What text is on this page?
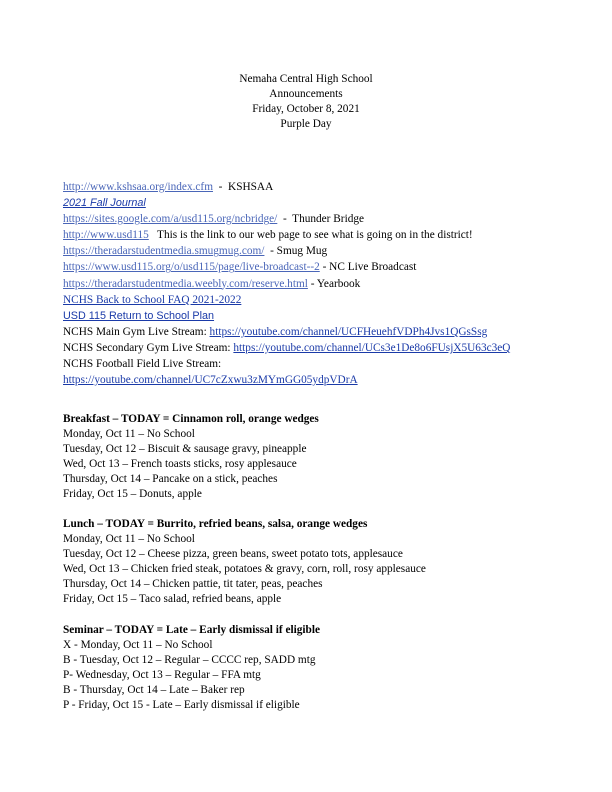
Nemaha Central High School
Announcements
Friday, October 8, 2021
Purple Day
http://www.kshsaa.org/index.cfm  -  KSHSAA
2021 Fall Journal
https://sites.google.com/a/usd115.org/ncbridge/  -  Thunder Bridge
http://www.usd115   This is the link to our web page to see what is going on in the district!
https://theradarstudentmedia.smugmug.com/  - Smug Mug
https://www.usd115.org/o/usd115/page/live-broadcast--2 - NC Live Broadcast
https://theradarstudentmedia.weebly.com/reserve.html - Yearbook
NCHS Back to School FAQ 2021-2022
USD 115 Return to School Plan
NCHS Main Gym Live Stream: https://youtube.com/channel/UCFHeuehfVDPh4Jvs1QGsSsg
NCHS Secondary Gym Live Stream: https://youtube.com/channel/UCs3e1De8o6FUsjX5U63c3eQ
NCHS Football Field Live Stream:
https://youtube.com/channel/UC7cZxwu3zMYmGG05ydpVDrA
Breakfast – TODAY = Cinnamon roll, orange wedges
Monday, Oct 11 – No School
Tuesday, Oct 12 – Biscuit & sausage gravy, pineapple
Wed, Oct 13 – French toasts sticks, rosy applesauce
Thursday, Oct 14 – Pancake on a stick, peaches
Friday, Oct 15 – Donuts, apple
Lunch – TODAY = Burrito, refried beans, salsa, orange wedges
Monday, Oct 11 – No School
Tuesday, Oct 12 – Cheese pizza, green beans, sweet potato tots, applesauce
Wed, Oct 13 – Chicken fried steak, potatoes & gravy, corn, roll, rosy applesauce
Thursday, Oct 14 – Chicken pattie, tit tater, peas, peaches
Friday, Oct 15 – Taco salad, refried beans, apple
Seminar – TODAY = Late – Early dismissal if eligible
X - Monday, Oct 11 – No School
B - Tuesday, Oct 12 – Regular – CCCC rep, SADD mtg
P- Wednesday, Oct 13 – Regular – FFA mtg
B - Thursday, Oct 14 – Late – Baker rep
P - Friday, Oct 15 - Late – Early dismissal if eligible
